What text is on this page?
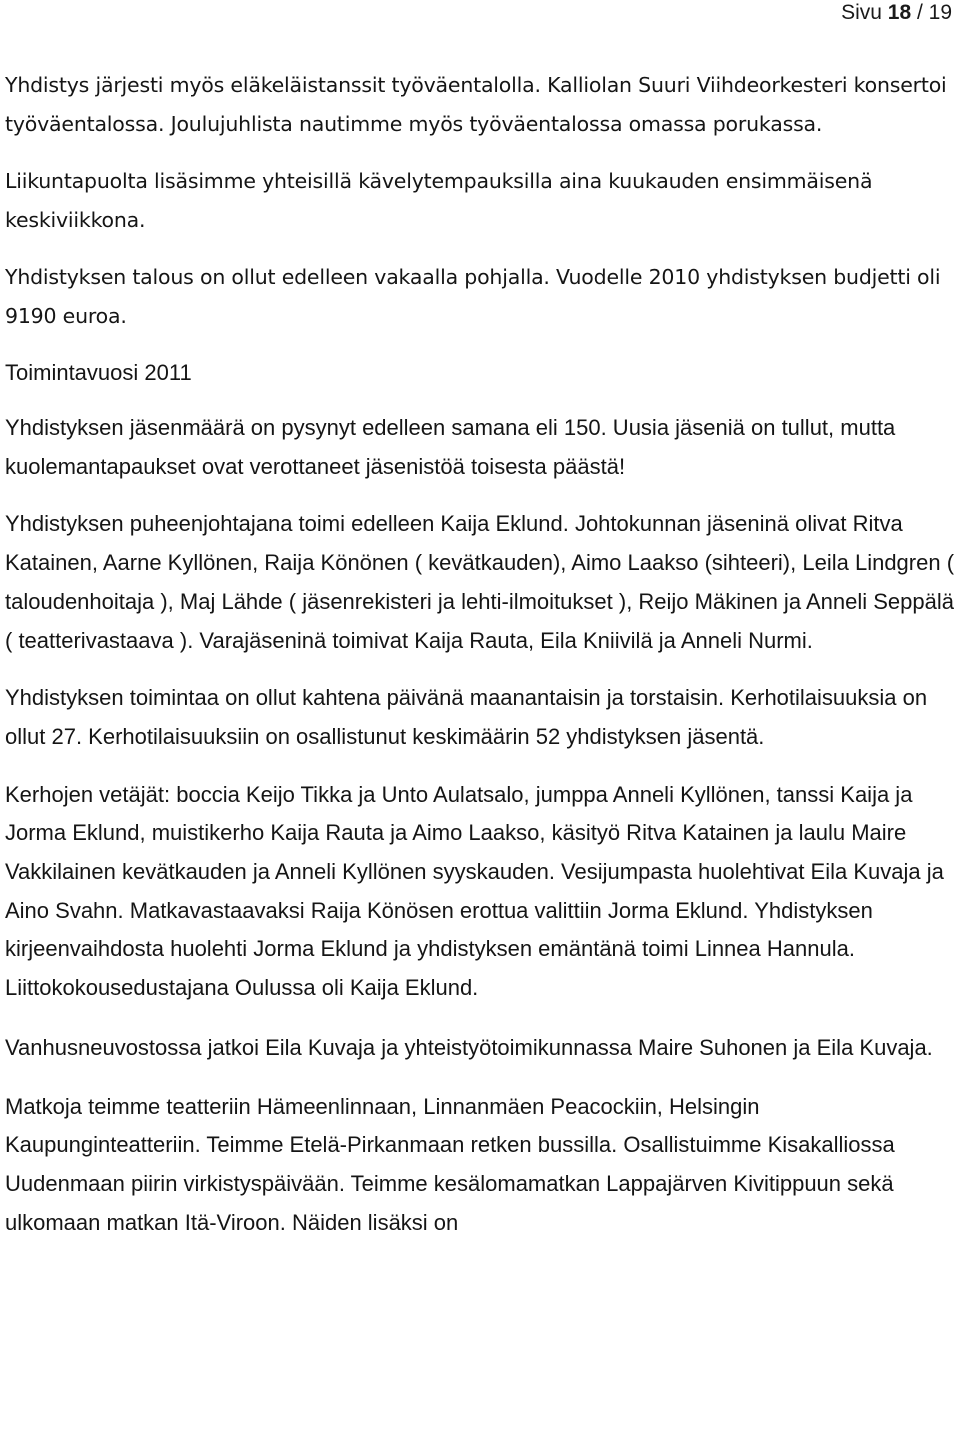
Sivu 18 / 19

Yhdistys järjesti myös eläkeläistanssit työväentalolla. Kalliolan Suuri Viihdeorkesteri konsertoi työväentalossa. Joulujuhlista nautimme myös työväentalossa omassa porukassa.

Liikuntapuolta lisäsimme yhteisillä kävelytempauksilla aina kuukauden ensimmäisenä keskiviikkona.

Yhdistyksen talous on ollut edelleen vakaalla pohjalla. Vuodelle 2010 yhdistyksen budjetti oli 9190 euroa.

Toimintavuosi 2011

Yhdistyksen jäsenmäärä on pysynyt edelleen samana eli 150. Uusia jäseniä on tullut, mutta kuolemantapaukset ovat verottaneet jäsenistöä toisesta päästä!

Yhdistyksen puheenjohtajana toimi edelleen Kaija Eklund. Johtokunnan jäseninä olivat Ritva Katainen, Aarne Kyllönen, Raija Könönen ( kevätkauden), Aimo Laakso (sihteeri), Leila Lindgren ( taloudenhoitaja ), Maj Lähde ( jäsenrekisteri ja lehti-ilmoitukset ), Reijo Mäkinen ja Anneli Seppälä ( teatterivastaava ). Varajäseninä toimivat Kaija Rauta, Eila Kniivilä ja Anneli Nurmi.

Yhdistyksen toimintaa on ollut kahtena päivänä maanantaisin ja torstaisin. Kerhotilaisuuksia on ollut 27. Kerhotilaisuuksiin on osallistunut keskimäärin 52 yhdistyksen jäsentä.

Kerhojen vetäjät: boccia Keijo Tikka ja Unto Aulatsalo, jumppa Anneli Kyllönen, tanssi Kaija ja Jorma Eklund, muistikerho Kaija Rauta ja Aimo Laakso, käsityö Ritva Katainen ja laulu Maire Vakkilainen kevätkauden ja Anneli Kyllönen syyskauden. Vesijumpasta huolehtivat Eila Kuvaja ja Aino Svahn. Matkavastaavaksi Raija Könösen erottua valittiin Jorma Eklund. Yhdistyksen kirjeenvaihdosta huolehti Jorma Eklund ja yhdistyksen emäntänä toimi Linnea Hannula. Liittokokousedustajana Oulussa oli Kaija Eklund.

Vanhusneuvostossa jatkoi Eila Kuvaja ja yhteistyötoimikunnassa Maire Suhonen ja Eila Kuvaja.

Matkoja teimme teatteriin Hämeenlinnaan, Linnanmäen Peacockiin, Helsingin Kaupunginteatteriin. Teimme Etelä-Pirkanmaan retken bussilla. Osallistuimme Kisakalliossa Uudenmaan piirin virkistyspäivään. Teimme kesälomamatkan Lappajärven Kivitippuun sekä ulkomaan matkan Itä-Viroon. Näiden lisäksi on
